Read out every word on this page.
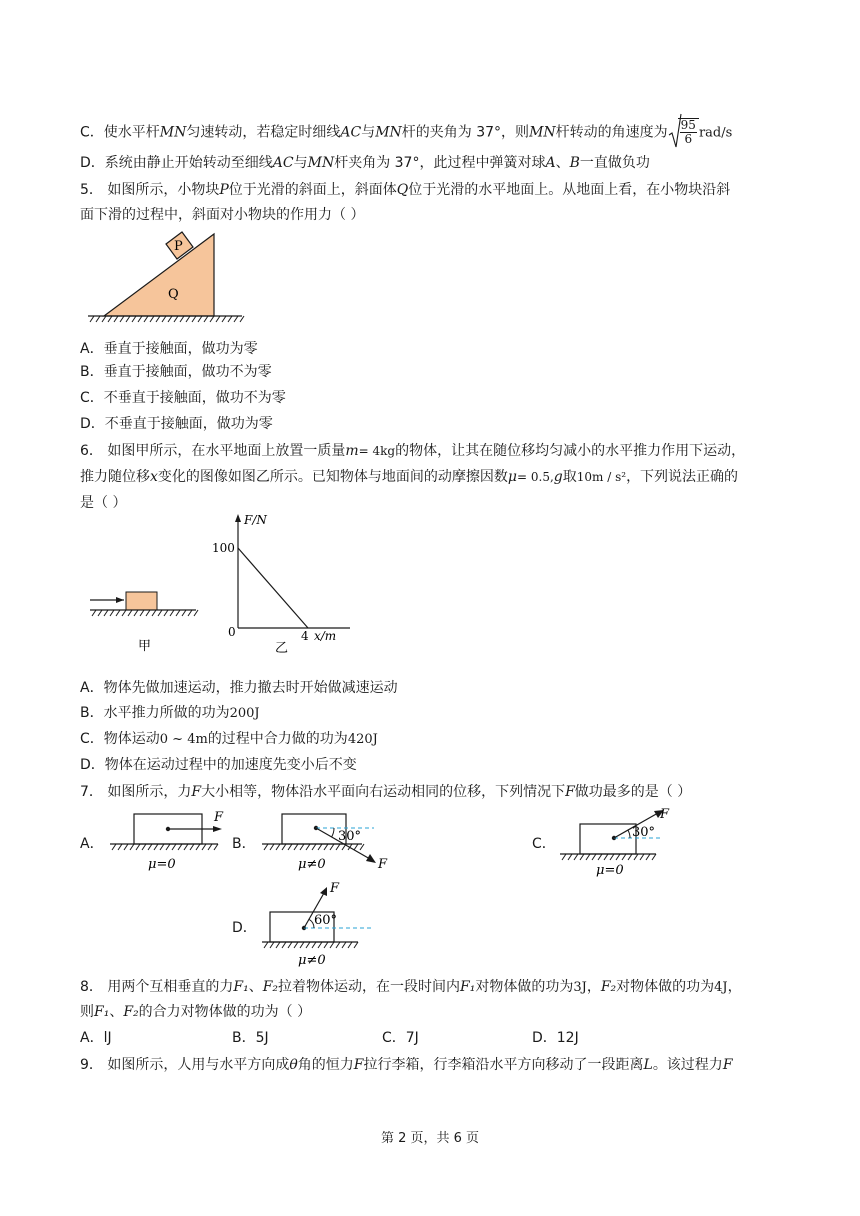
C．使水平杆MN匀速转动，若稳定时细线AC与MN杆的夹角为 37°，则MN杆转动的角速度为 $\frac{95}{6} rad/s$
D．系统由静止开始转动至细线AC与MN杆夹角为 37°，此过程中弹簧对球A、B一直做负功
5． 如图所示，小物块P位于光滑的斜面上，斜面体Q位于光滑的水平地面上。从地面上看，在小物块沿斜
面下滑的过程中，斜面对小物块的作用力（ ）
P
Q
A．垂直于接触面，做功为零
B．垂直于接触面，做功不为零
C．不垂直于接触面，做功不为零
D．不垂直于接触面，做功为零
6． 如图甲所示，在水平地面上放置一质量m= 4kg的物体，让其在随位移均匀减小的水平推力作用下运动，
推力随位移x变化的图像如图乙所示。已知物体与地面间的动摩擦因数μ= 0.5,g取10m / s²，下列说法正确的
是（ ）
甲
F/N
100
0	4 x/m
乙
A．物体先做加速运动，推力撤去时开始做减速运动
B．水平推力所做的功为200J
C．物体运动0 ~ 4m的过程中合力做的功为420J
D．物体在运动过程中的加速度先变小后不变
7． 如图所示，力F大小相等，物体沿水平面向右运动相同的位移，下列情况下F做功最多的是（ ）
A．	B．	C．
D．
F
μ=0
30°
F
μ≠0
30°
F
μ=0
60°
F
μ≠0
8． 用两个互相垂直的力F₁、F₂拉着物体运动，在一段时间内F₁对物体做的功为3J，F₂对物体做的功为4J，
则F₁、F₂的合力对物体做的功为（ ）
A．lJ	B．5J	C．7J	D．12J
9． 如图所示，人用与水平方向成θ角的恒力F拉行李箱，行李箱沿水平方向移动了一段距离L。该过程力F
第 2 页，共 6 页
